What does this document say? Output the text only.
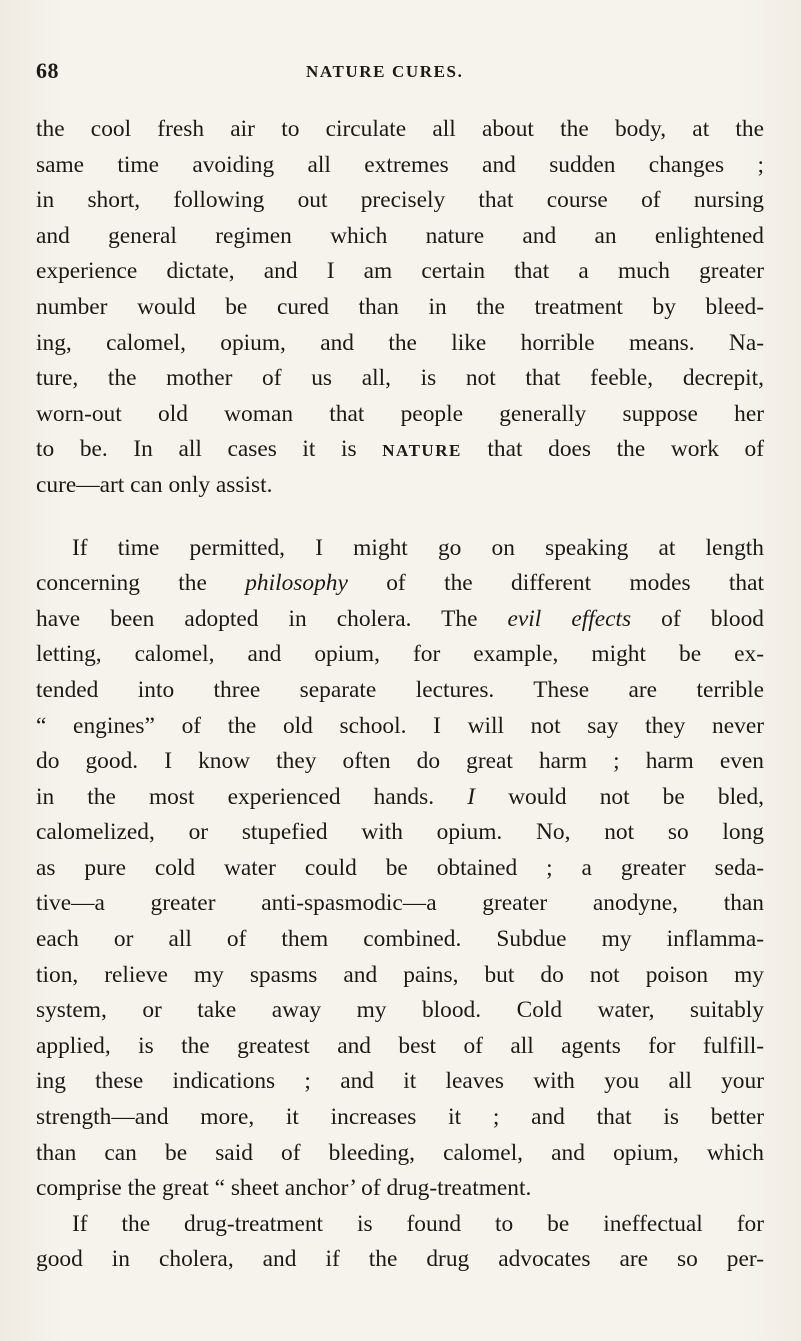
68	NATURE CURES.
the cool fresh air to circulate all about the body, at the
same time avoiding all extremes and sudden changes ;
in short, following out precisely that course of nursing
and general regimen which nature and an enlightened
experience dictate, and I am certain that a much greater
number would be cured than in the treatment by bleed-
ing, calomel, opium, and the like horrible means. Na-
ture, the mother of us all, is not that feeble, decrepit,
worn-out old woman that people generally suppose her
to be. In all cases it is NATURE that does the work of
cure—art can only assist.
If time permitted, I might go on speaking at length
concerning the philosophy of the different modes that
have been adopted in cholera. The evil effects of blood
letting, calomel, and opium, for example, might be ex-
tended into three separate lectures. These are terrible
“ engines” of the old school. I will not say they never
do good. I know they often do great harm ; harm even
in the most experienced hands. I would not be bled,
calomelized, or stupefied with opium. No, not so long
as pure cold water could be obtained ; a greater seda-
tive—a greater anti-spasmodic—a greater anodyne, than
each or all of them combined. Subdue my inflamma-
tion, relieve my spasms and pains, but do not poison my
system, or take away my blood. Cold water, suitably
applied, is the greatest and best of all agents for fulfill-
ing these indications ; and it leaves with you all your
strength—and more, it increases it ; and that is better
than can be said of bleeding, calomel, and opium, which
comprise the great “ sheet anchor’ of drug-treatment.
If the drug-treatment is found to be ineffectual for
good in cholera, and if the drug advocates are so per-
